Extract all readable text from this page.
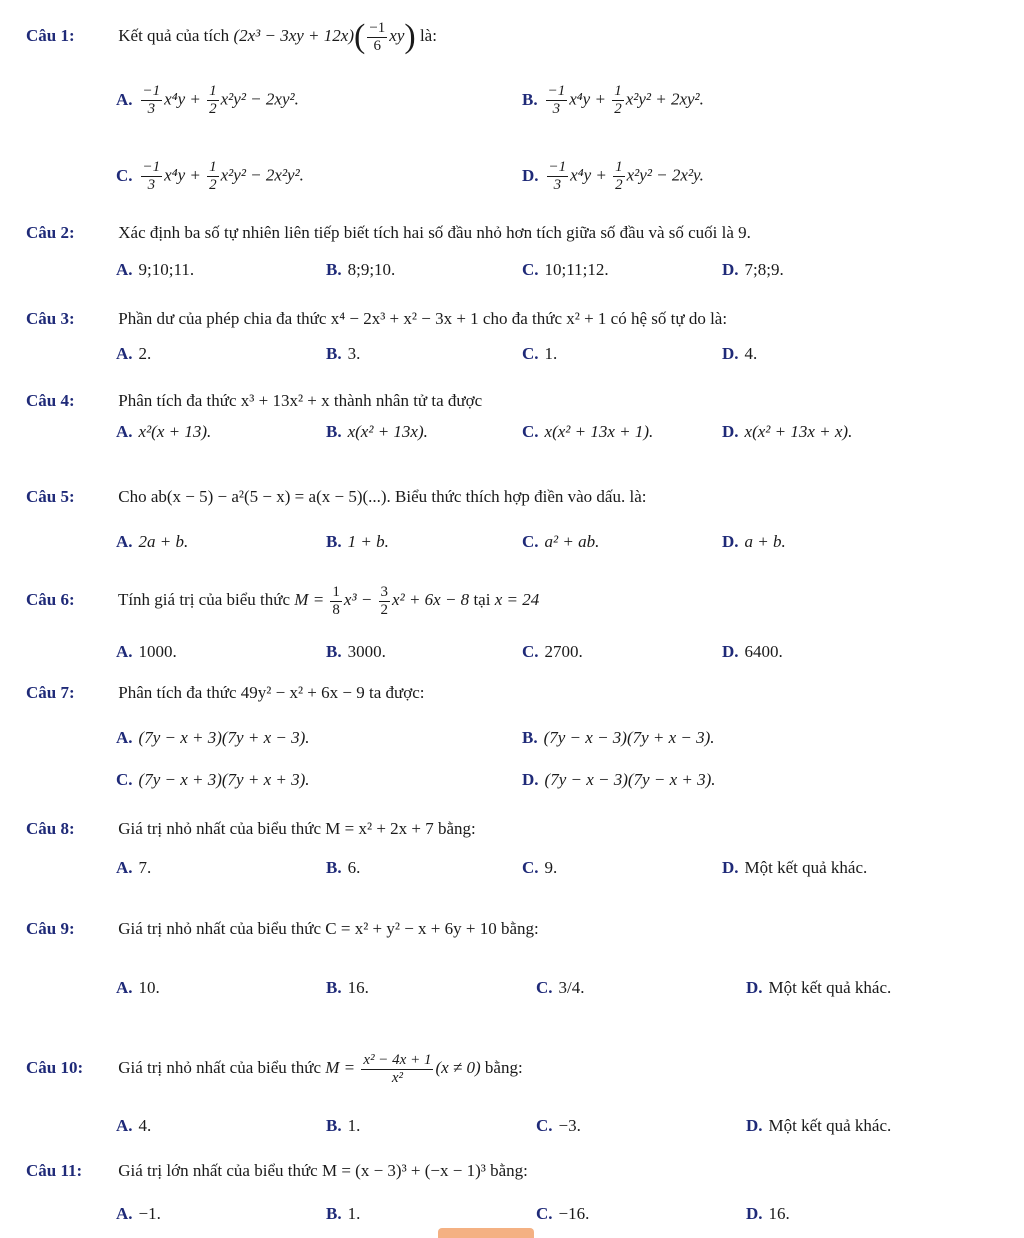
Câu 1:	Kết quả của tích $(2x^3 - 3xy + 12x)( \frac{-1}{6} xy)$ là:
A. $\frac{-1}{3} x^4y + \frac{1}{2} x^2y^2 - 2xy^2$.	B. $\frac{-1}{3} x^4y + \frac{1}{2} x^2y^2 + 2xy^2$.
C. $\frac{-1}{3} x^4y + \frac{1}{2} x^2y^2 - 2x^2y^2$.	D. $\frac{-1}{3} x^4y + \frac{1}{2} x^2y^2 - 2x^2y$.
Câu 2:	Xác định ba số tự nhiên liên tiếp biết tích hai số đầu nhỏ hơn tích giữa số đầu và số cuối là 9.
A. 9;10;11.	B. 8;9;10.	C. 10;11;12.	D. 7;8;9.
Câu 3:	Phần dư của phép chia đa thức x⁴ − 2x³ + x² − 3x + 1 cho đa thức x² + 1 có hệ số tự do là:
A. 2.	B. 3.	C. 1.	D. 4.
Câu 4:	Phân tích đa thức x³ + 13x² + x thành nhân tử ta được
A. x²(x + 13).	B. x(x² + 13x).	C. x(x² + 13x + 1).	D. x(x² + 13x + x).
Câu 5:	Cho ab(x − 5) − a²(5 − x) = a(x − 5)(...). Biểu thức thích hợp điền vào dấu. là:
A. 2a + b.	B. 1 + b.	C. a² + ab.	D. a + b.
Câu 6:	Tính giá trị của biểu thức $M = \frac{1}{8} x^3 - \frac{3}{2} x^2 + 6x - 8$ tại x = 24
A. 1000.	B. 3000.	C. 2700.	D. 6400.
Câu 7:	Phân tích đa thức 49y² − x² + 6x − 9 ta được:
A. (7y − x + 3)(7y + x − 3).	B. (7y − x − 3)(7y + x − 3).
C. (7y − x + 3)(7y + x + 3).	D. (7y − x − 3)(7y − x + 3).
Câu 8:	Giá trị nhỏ nhất của biểu thức M = x² + 2x + 7 bằng:
A. 7.	B. 6.	C. 9.	D. Một kết quả khác.
Câu 9:	Giá trị nhỏ nhất của biểu thức C = x² + y² − x + 6y + 10 bằng:
A. 10.	B. 16.	C. 3/4.	D. Một kết quả khác.
Câu 10: Giá trị nhỏ nhất của biểu thức $M = \frac{\text{x² − 4x + 1}}{\text{x²}} (x \ne 0)$ bằng:
A. 4.	B. 1.	C. −3.	D. Một kết quả khác.
Câu 11: Giá trị lớn nhất của biểu thức M = (x − 3)³ + (−x − 1)³ bằng:
A. −1.	B. 1.	C. −16.	D. 16.
